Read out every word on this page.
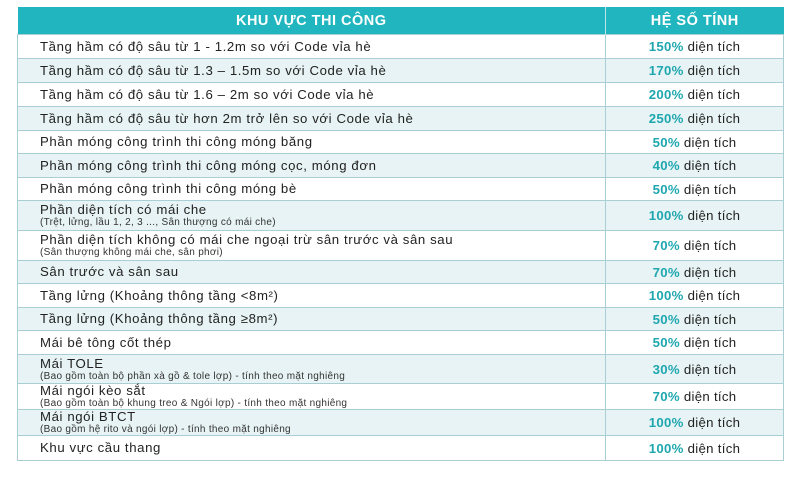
KHU VỰC THI CÔNG	HỆ SỐ TÍNH

Tầng hầm có độ sâu từ 1 - 1.2m so với Code vỉa hè	150% diện tích

Tầng hầm có độ sâu từ 1.3 – 1.5m so với Code vỉa hè	170% diện tích

Tầng hầm có độ sâu từ 1.6 – 2m so với Code vỉa hè	200% diện tích

Tầng hầm có độ sâu từ hơn 2m trở lên so với Code vỉa hè	250% diện tích

Phần móng công trình thi công móng băng	50% diện tích

Phần móng công trình thi công móng cọc, móng đơn	40% diện tích

Phần móng công trình thi công móng bè	50% diện tích

Phần diện tích có mái che
(Trệt, lửng, lầu 1, 2, 3 ..., Sân thượng có mái che)	100% diện tích

Phần diện tích không có mái che ngoại trừ sân trước và sân sau
(Sân thượng không mái che, sân phơi)	70% diện tích

Sân trước và sân sau	70% diện tích

Tầng lửng (Khoảng thông tầng <8m²)	100% diện tích

Tầng lửng (Khoảng thông tầng ≥8m²)	50% diện tích

Mái bê tông cốt thép	50% diện tích

Mái TOLE
(Bao gồm toàn bộ phần xà gồ & tole lợp) - tính theo mặt nghiêng	30% diện tích

Mái ngói kèo sắt
(Bao gồm toàn bộ khung treo & Ngói lợp) - tính theo mặt nghiêng	70% diện tích

Mái ngói BTCT
(Bao gồm hệ rito và ngói lợp) - tính theo mặt nghiêng	100% diện tích

Khu vực cầu thang	100% diện tích
